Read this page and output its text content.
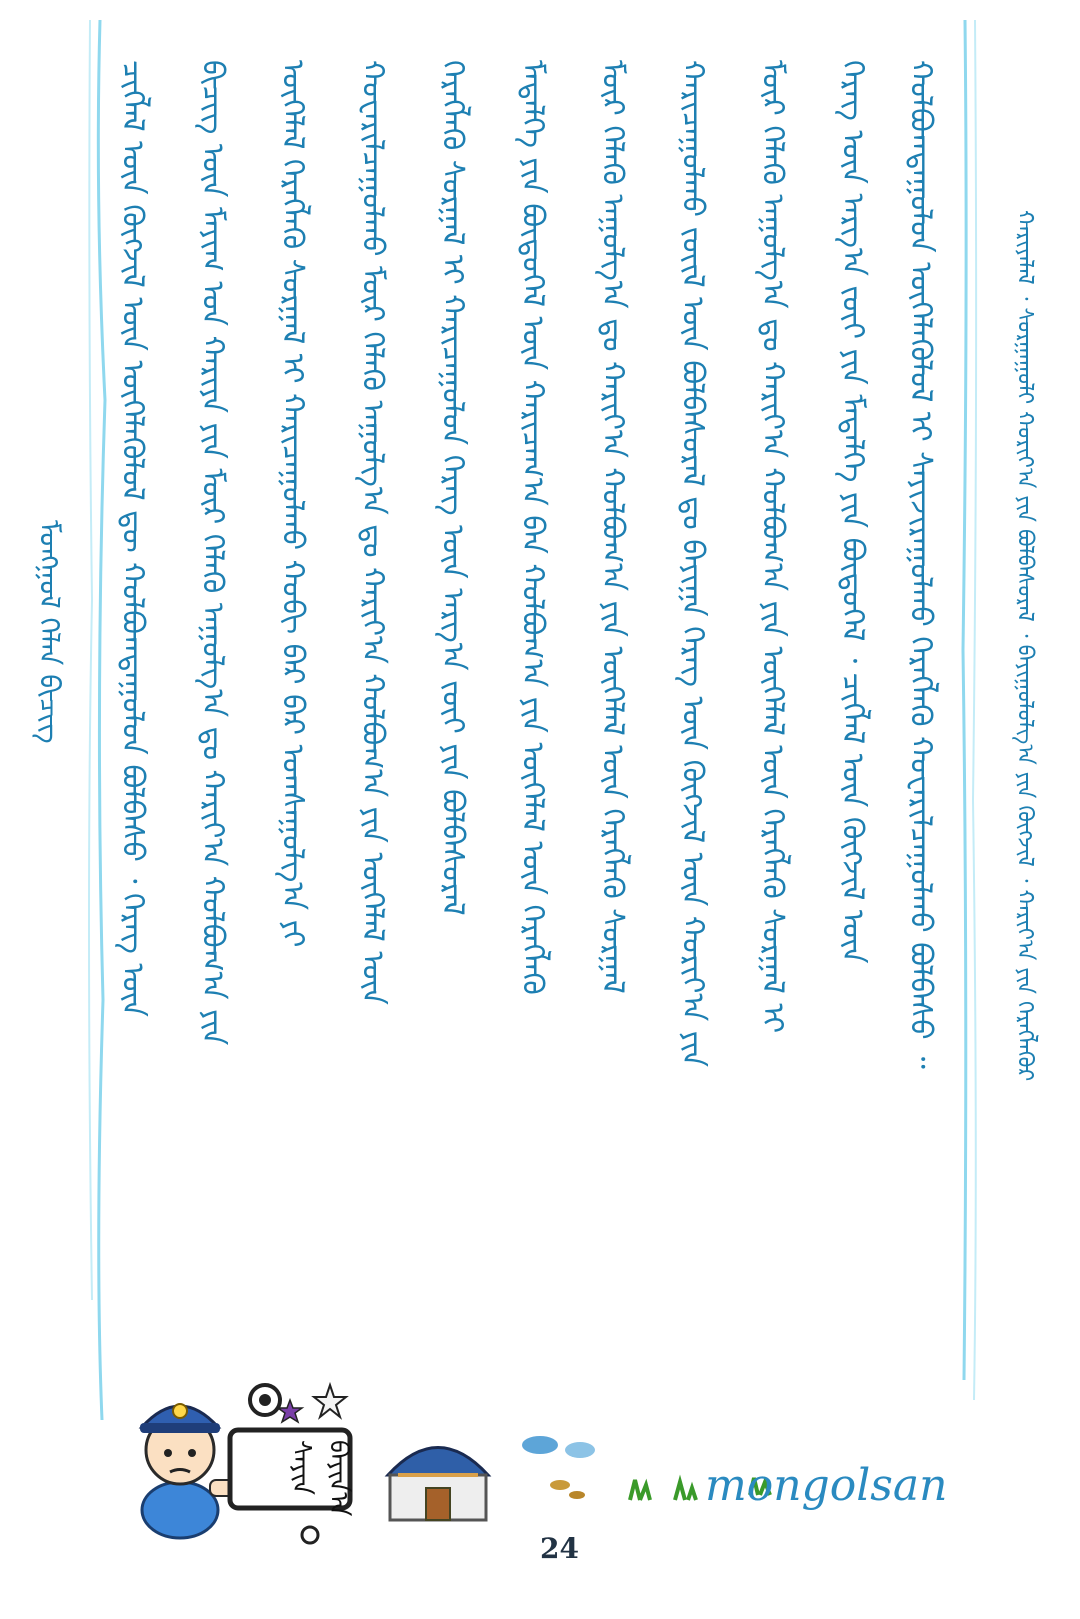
ᠮᠣᠩᠭᠣᠯ ᠬᠡᠯᠡᠨ ᠪᠢᠴᠢᠭ ᠴᠢᠭᠯᠡᠯ ᠦᠨ ᠬᠥᠭᠵᠢᠯ ᠦᠨ ᠦᠭᠡᠯᠡᠭᠦᠯᠦᠯ ᠳᠦ ᠬᠣᠯᠪᠣᠭ᠍ᠳᠠᠭᠤᠯᠤᠨ ᠪᠣᠯᠪᠠᠰᠤ ᠂ ᠬᠡᠷᠡᠭ ᠦᠨ ᠪᠢᠴᠢᠭ ᠦᠨ ᠮᠠᠶᠢᠭ ᠤᠨ ᠬᠠᠷᠢᠶᠠ ᠶᠢᠨ ᠮᠥᠷ ᠬᠡᠯᠡᠬᠦ ᠠᠭᠤᠯᠭ᠎ᠠ ᠳᠤ ᠬᠠᠷᠢᠶ᠎ᠠ ᠬᠣᠯᠪᠣᠭ᠎ᠠ ᠶᠢᠨ ᠦᠭᠡᠯᠡᠯ ᠬᠡᠷᠡᠭᠯᠡᠭᠦ ᠰᠤᠷᠭᠠᠯ ᠢ ᠬᠠᠷᠢᠴᠠᠭᠤᠯᠬᠤ ᠬᠤᠪᠢ ᠪᠡᠷ ᠪᠠᠷ ᠤᠭᠰᠠᠭᠤᠯᠭ᠎ᠠ ᠶᠢ ᠬᠤᠸᠠᠷᠢᠯᠴᠠᠭᠤᠯᠬᠤ ᠮᠥᠷ ᠬᠡᠯᠡᠬᠦ ᠠᠭᠤᠯᠭ᠎ᠠ ᠳᠤ ᠬᠠᠷᠢᠶ᠎ᠠ ᠬᠣᠯᠪᠣᠭ᠎ᠠ ᠶᠢᠨ ᠦᠭᠡᠯᠡᠯ ᠦᠨ ᠬᠡᠷᠡᠭᠯᠡᠭᠦ ᠰᠤᠷᠭᠠᠯ ᠢ ᠬᠠᠷᠢᠴᠠᠭᠤᠯᠤᠨ ᠬᠡᠷᠡᠭ ᠦᠨ ᠠᠷᠭ᠎ᠠ ᠵᠦᠢ ᠶᠢᠨ ᠪᠣᠯᠪᠠᠰᠤᠷᠠᠯ ᠮᠡᠳᠡᠯᠭᠡ ᠶᠢᠨ ᠪᠦᠲᠦᠭᠡᠯ ᠦᠨ ᠬᠠᠷᠢᠴᠠᠭ᠎ᠠ ᠪᠠᠨ ᠬᠣᠯᠪᠣᠭ᠎ᠠ ᠶᠢᠨ ᠦᠭᠡᠯᠡᠯ ᠦᠨ ᠬᠡᠷᠡᠭᠯᠡᠭᠦ ᠮᠥᠷ ᠬᠡᠯᠡᠬᠦ ᠠᠭᠤᠯᠭ᠎ᠠ ᠳᠤ ᠬᠠᠷᠢᠶ᠎ᠠ ᠬᠣᠯᠪᠣᠭ᠎ᠠ ᠶᠢᠨ ᠦᠭᠡᠯᠡᠯ ᠦᠨ ᠬᠡᠷᠡᠭᠯᠡᠭᠦ ᠰᠤᠷᠭᠠᠯ ᠬᠠᠷᠢᠴᠠᠭᠤᠯᠬᠤ ᠵᠦᠢᠯ ᠦᠨ ᠪᠣᠯᠪᠠᠰᠤᠷᠠᠯ ᠳᠤ ᠪᠠᠶᠢᠭᠠ ᠬᠡᠷᠡᠭ ᠦᠨ ᠬᠥᠭᠵᠢᠯ ᠦᠨ ᠬᠣᠷᠢᠶ᠎ᠠ ᠶᠢᠨ ᠮᠥᠷ ᠬᠡᠯᠡᠬᠦ ᠠᠭᠤᠯᠭ᠎ᠠ ᠳᠤ ᠬᠠᠷᠢᠶ᠎ᠠ ᠬᠣᠯᠪᠣᠭ᠎ᠠ ᠶᠢᠨ ᠦᠭᠡᠯᠡᠯ ᠦᠨ ᠬᠡᠷᠡᠭᠯᠡᠭᠦ ᠰᠤᠷᠭᠠᠯ ᠢ ᠬᠡᠷᠡᠭ ᠦᠨ ᠠᠷᠭ᠎ᠠ ᠵᠦᠢ ᠶᠢᠨ ᠮᠡᠳᠡᠯᠭᠡ ᠶᠢᠨ ᠪᠦᠲᠦᠭᠡᠯ ᠂ ᠴᠢᠭᠯᠡᠯ ᠦᠨ ᠬᠥᠭᠵᠢᠯ ᠦᠨ ᠬᠣᠯᠪᠣᠭ᠍ᠳᠠᠭᠤᠯᠤᠨ ᠦᠭᠡᠯᠡᠭᠦᠯᠦᠯ ᠢ ᠰᠠᠶᠢᠵᠢᠷᠠᠭᠤᠯᠬᠤ ᠬᠡᠷᠡᠭᠯᠡᠭᠦ ᠬᠤᠸᠠᠷᠢᠯᠴᠠᠭᠤᠯᠬᠤ ᠪᠣᠯᠪᠠᠰᠤ ᠃	ᠬᠠᠷᠢᠶᠠᠯᠠᠯ ᠂ ᠰᠤᠷᠭᠠᠭᠤᠯᠢ ᠬᠤᠷᠢᠶ᠎ᠠ ᠶᠢᠨ ᠪᠣᠯᠪᠠᠰᠤᠷᠠᠯ ᠂ ᠪᠠᠶᠢᠭᠤᠯᠤᠯᠭ᠎ᠠ ᠶᠢᠨ ᠬᠥᠭᠵᠢᠯ ᠂ ᠬᠠᠷᠢᠶ᠎ᠠ ᠶᠢᠨ ᠬᠡᠷᠡᠭᠯᠡᠭᠦᠷ
ᠰᠠᠶᠢᠨ ᠪᠠᠶᠢᠨ᠎ᠠ	mongolsan
24
